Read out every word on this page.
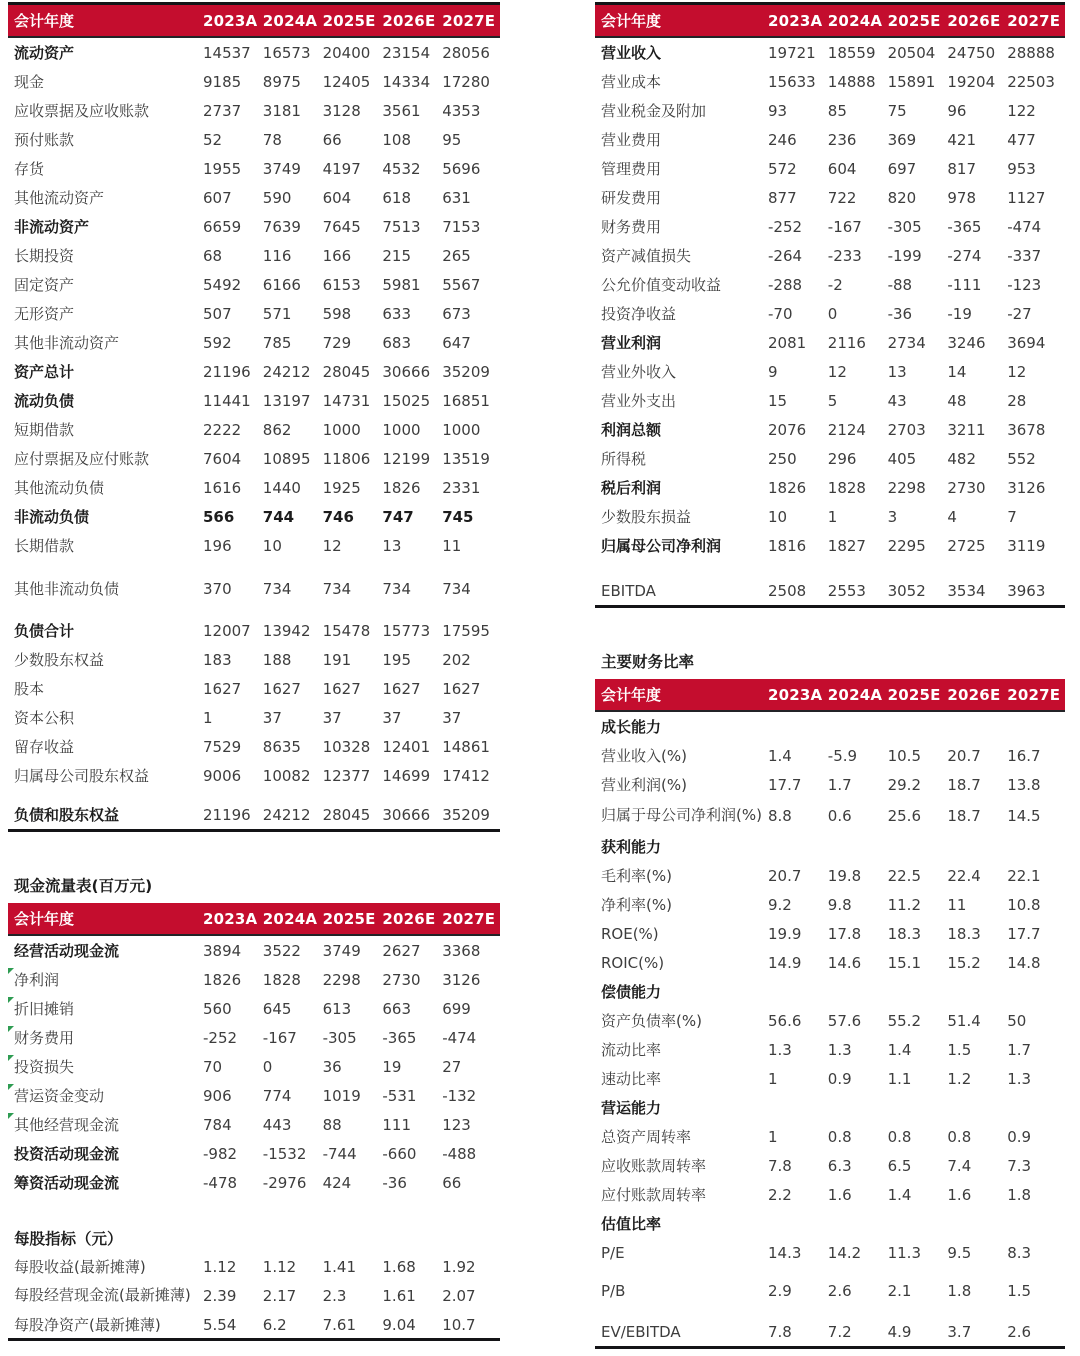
会计年度	2023A	2024A	2025E	2026E	2027E
流动资产	14537	16573	20400	23154	28056
现金	9185	8975	12405	14334	17280
应收票据及应收账款	2737	3181	3128	3561	4353
预付账款	52	78	66	108	95
存货	1955	3749	4197	4532	5696
其他流动资产	607	590	604	618	631
非流动资产	6659	7639	7645	7513	7153
长期投资	68	116	166	215	265
固定资产	5492	6166	6153	5981	5567
无形资产	507	571	598	633	673
其他非流动资产	592	785	729	683	647
资产总计	21196	24212	28045	30666	35209
流动负债	11441	13197	14731	15025	16851
短期借款	2222	862	1000	1000	1000
应付票据及应付账款	7604	10895	11806	12199	13519
其他流动负债	1616	1440	1925	1826	2331
非流动负债	566	744	746	747	745
长期借款	196	10	12	13	11

其他非流动负债	370	734	734	734	734

负债合计	12007	13942	15478	15773	17595
少数股东权益	183	188	191	195	202
股本	1627	1627	1627	1627	1627
资本公积	1	37	37	37	37
留存收益	7529	8635	10328	12401	14861
归属母公司股东权益	9006	10082	12377	14699	17412

负债和股东权益	21196	24212	28045	30666	35209
现金流量表(百万元)
会计年度	2023A	2024A	2025E	2026E	2027E
经营活动现金流	3894	3522	3749	2627	3368
净利润	1826	1828	2298	2730	3126
折旧摊销	560	645	613	663	699
财务费用	-252	-167	-305	-365	-474
投资损失	70	0	36	19	27
营运资金变动	906	774	1019	-531	-132
其他经营现金流	784	443	88	111	123
投资活动现金流	-982	-1532	-744	-660	-488
筹资活动现金流	-478	-2976	424	-36	66
每股指标（元）
每股收益(最新摊薄)	1.12	1.12	1.41	1.68	1.92
每股经营现金流(最新摊薄)	2.39	2.17	2.3	1.61	2.07
每股净资产(最新摊薄)	5.54	6.2	7.61	9.04	10.7
会计年度	2023A	2024A	2025E	2026E	2027E
营业收入	19721	18559	20504	24750	28888
营业成本	15633	14888	15891	19204	22503
营业税金及附加	93	85	75	96	122
营业费用	246	236	369	421	477
管理费用	572	604	697	817	953
研发费用	877	722	820	978	1127
财务费用	-252	-167	-305	-365	-474
资产减值损失	-264	-233	-199	-274	-337
公允价值变动收益	-288	-2	-88	-111	-123
投资净收益	-70	0	-36	-19	-27
营业利润	2081	2116	2734	3246	3694
营业外收入	9	12	13	14	12
营业外支出	15	5	43	48	28
利润总额	2076	2124	2703	3211	3678
所得税	250	296	405	482	552
税后利润	1826	1828	2298	2730	3126
少数股东损益	10	1	3	4	7
归属母公司净利润	1816	1827	2295	2725	3119

EBITDA	2508	2553	3052	3534	3963
主要财务比率
会计年度	2023A	2024A	2025E	2026E	2027E
成长能力					
营业收入(%)	1.4	-5.9	10.5	20.7	16.7
营业利润(%)	17.7	1.7	29.2	18.7	13.8
归属于母公司净利润(%)	8.8	0.6	25.6	18.7	14.5
获利能力					
毛利率(%)	20.7	19.8	22.5	22.4	22.1
净利率(%)	9.2	9.8	11.2	11	10.8
ROE(%)	19.9	17.8	18.3	18.3	17.7
ROIC(%)	14.9	14.6	15.1	15.2	14.8
偿债能力					
资产负债率(%)	56.6	57.6	55.2	51.4	50
流动比率	1.3	1.3	1.4	1.5	1.7
速动比率	1	0.9	1.1	1.2	1.3
营运能力					
总资产周转率	1	0.8	0.8	0.8	0.9
应收账款周转率	7.8	6.3	6.5	7.4	7.3
应付账款周转率	2.2	1.6	1.4	1.6	1.8
估值比率					
P/E	14.3	14.2	11.3	9.5	8.3

P/B	2.9	2.6	2.1	1.8	1.5

EV/EBITDA	7.8	7.2	4.9	3.7	2.6
